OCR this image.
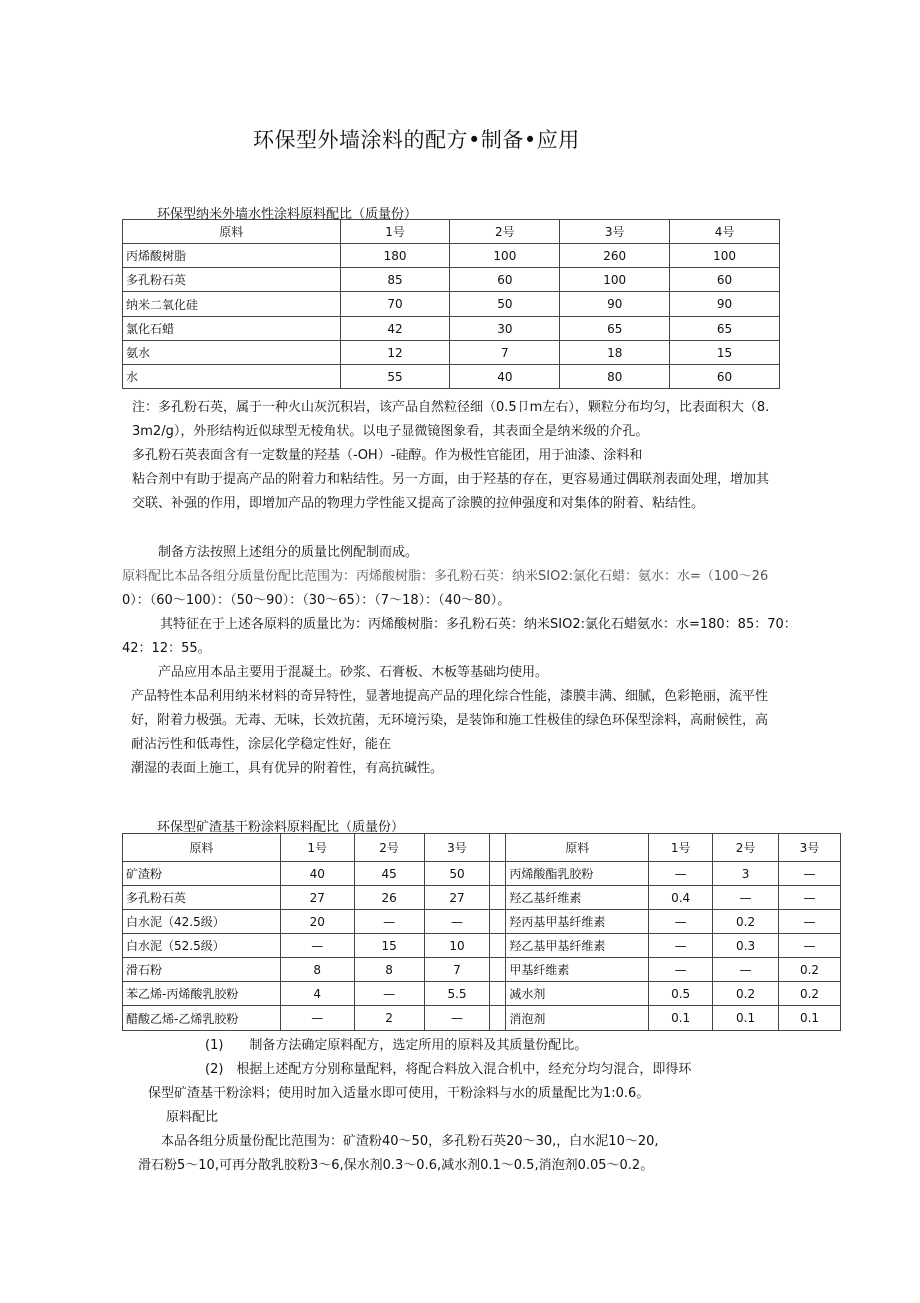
环保型外墙涂料的配方•制备•应用
环保型纳米外墙水性涂料原料配比（质量份）
原料	1号	2号	3号	4号
丙烯酸树脂	180	100	260	100
多孔粉石英	85	60	100	60
纳米二氧化硅	70	50	90	90
氯化石蜡	42	30	65	65
氨水	12	7	18	15
水	55	40	80	60
注：多孔粉石英，属于一种火山灰沉积岩，该产品自然粒径细（0.5卩m左右），颗粒分布均匀，比表面积大（8.
3m2/g），外形结构近似球型无棱角状。以电子显微镜图象看，其表面全是纳米级的介孔。
多孔粉石英表面含有一定数量的羟基（-OH）-硅醇。作为极性官能团，用于油漆、涂料和
粘合剂中有助于提高产品的附着力和粘结性。另一方面，由于羟基的存在，更容易通过偶联剂表面处理，增加其
交联、补强的作用，即增加产品的物理力学性能又提高了涂膜的拉伸强度和对集体的附着、粘结性。
制备方法按照上述组分的质量比例配制而成。
原料配比本品各组分质量份配比范围为：丙烯酸树脂：多孔粉石英：纳米SIO2:氯化石蜡：氨水：水=（100〜26
0）：（60〜100）：（50〜90）：（30〜65）：（7〜18）：（40〜80）。
其特征在于上述各原料的质量比为：丙烯酸树脂：多孔粉石英：纳米SIO2:氯化石蜡氨水：水=180：85：70：
42：12：55。
产品应用本品主要用于混凝土。砂浆、石膏板、木板等基础均使用。
产品特性本品利用纳米材料的奇异特性，显著地提高产品的理化综合性能，漆膜丰满、细腻，色彩艳丽，流平性
好，附着力极强。无毒、无味，长效抗菌，无环境污染，是装饰和施工性极佳的绿色环保型涂料，高耐候性，高
耐沾污性和低毒性，涂层化学稳定性好，能在
潮湿的表面上施工，具有优异的附着性，有高抗碱性。
环保型矿渣基干粉涂料原料配比（质量份）
原料	1号	2号	3号		原料	1号	2号	3号
矿渣粉	40	45	50		丙烯酸酯乳胶粉	—	3	—
多孔粉石英	27	26	27		羟乙基纤维素	0.4	—	—
白水泥（42.5级）	20	—	—		羟丙基甲基纤维素	—	0.2	—
白水泥（52.5级）	—	15	10		羟乙基甲基纤维素	—	0.3	—
滑石粉	8	8	7		甲基纤维素	—	—	0.2
苯乙烯-丙烯酸乳胶粉	4	—	5.5		减水剂	0.5	0.2	0.2
醋酸乙烯-乙烯乳胶粉	—	2	—		消泡剂	0.1	0.1	0.1
(1)　　制备方法确定原料配方，选定所用的原料及其质量份配比。
(2)　根据上述配方分别称量配料，将配合料放入混合机中，经充分均匀混合，即得环
保型矿渣基干粉涂料；使用时加入适量水即可使用，干粉涂料与水的质量配比为1:0.6。
原料配比
本品各组分质量份配比范围为：矿渣粉40〜50，多孔粉石英20〜30,，白水泥10〜20,
滑石粉5〜10,可再分散乳胶粉3〜6,保水剂0.3〜0.6,减水剂0.1〜0.5,消泡剂0.05〜0.2。
